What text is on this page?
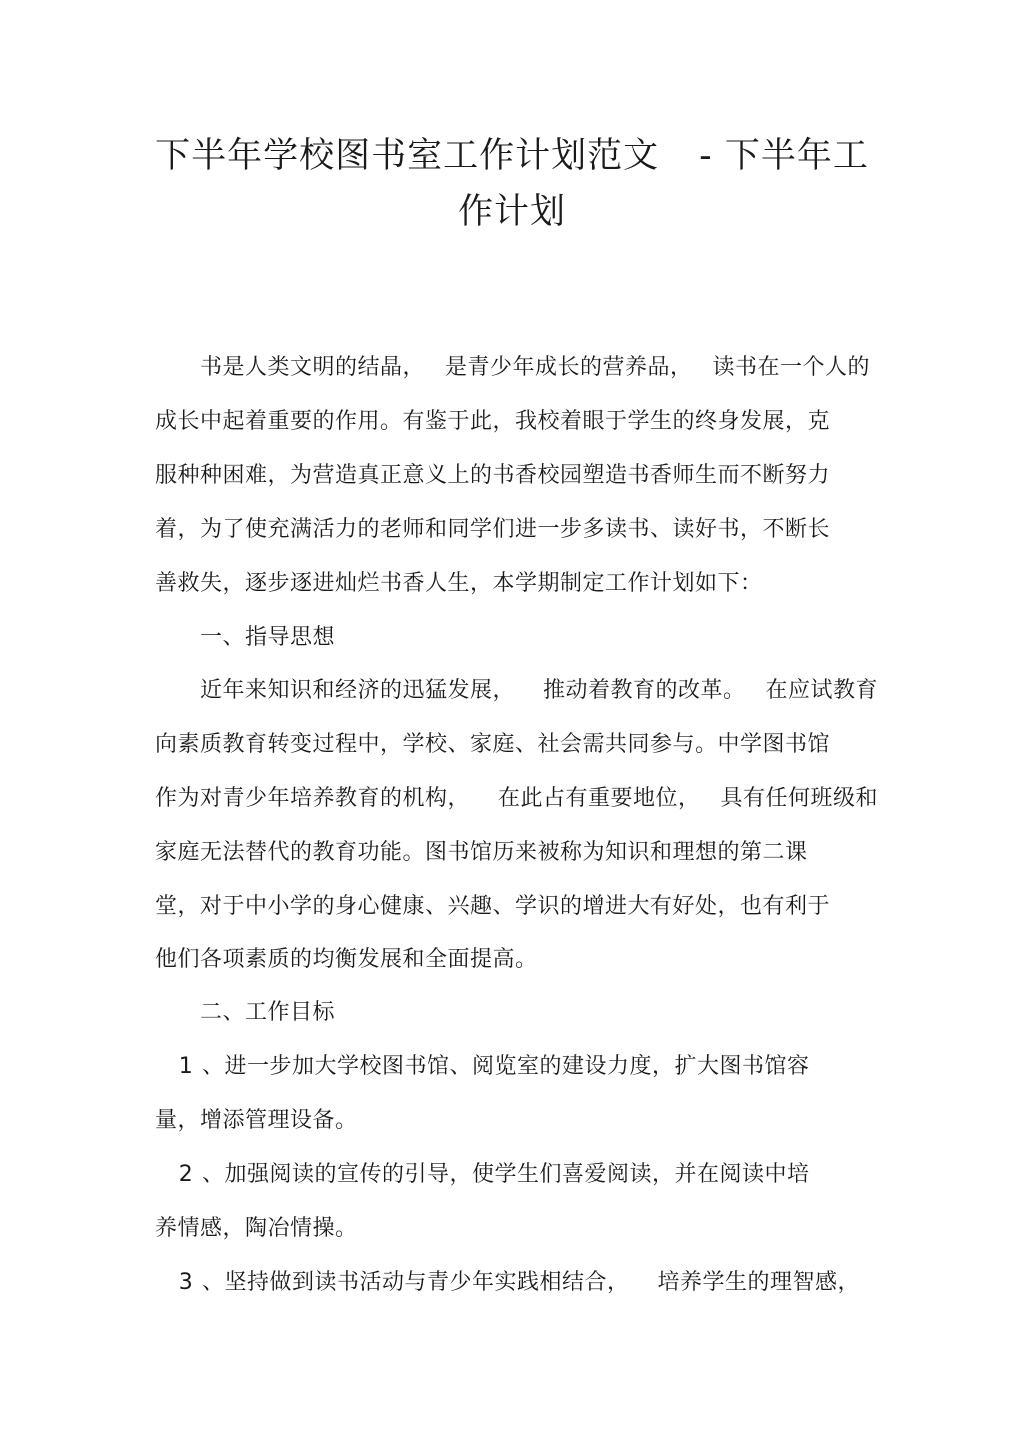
下半年学校图书室工作计划范文 - 下半年工
作计划
书是人类文明的结晶， 是青少年成长的营养品， 读书在一个人的
成长中起着重要的作用。有鉴于此，我校着眼于学生的终身发展，克
服种种困难，为营造真正意义上的书香校园塑造书香师生而不断努力
着，为了使充满活力的老师和同学们进一步多读书、读好书，不断长
善救失，逐步逐进灿烂书香人生，本学期制定工作计划如下：
一、指导思想
近年来知识和经济的迅猛发展， 推动着教育的改革。 在应试教育
向素质教育转变过程中，学校、家庭、社会需共同参与。中学图书馆
作为对青少年培养教育的机构， 在此占有重要地位， 具有任何班级和
家庭无法替代的教育功能。图书馆历来被称为知识和理想的第二课
堂，对于中小学的身心健康、兴趣、学识的增进大有好处，也有利于
他们各项素质的均衡发展和全面提高。
二、工作目标
1 、进一步加大学校图书馆、阅览室的建设力度，扩大图书馆容
量，增添管理设备。
2 、加强阅读的宣传的引导，使学生们喜爱阅读，并在阅读中培
养情感，陶冶情操。
3 、坚持做到读书活动与青少年实践相结合， 培养学生的理智感，
